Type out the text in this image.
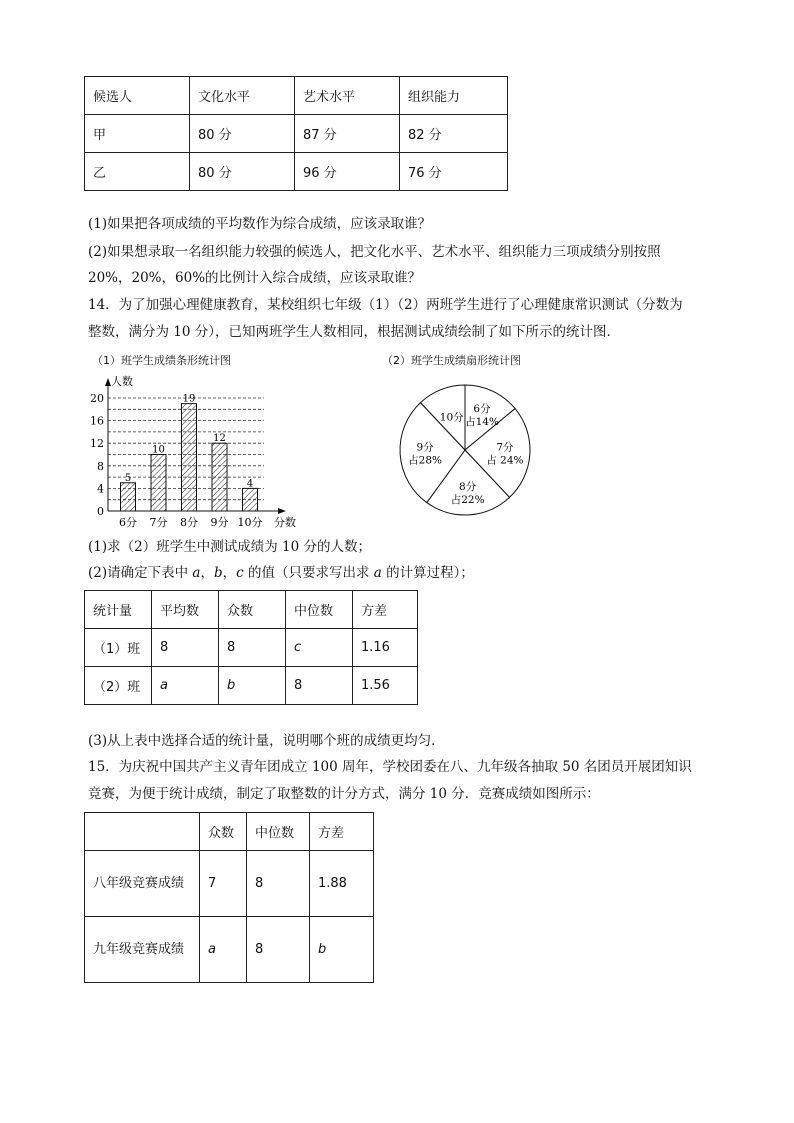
候选人	文化水平	艺术水平	组织能力
甲	80 分	87 分	82 分
乙	80 分	96 分	76 分
(1)如果把各项成绩的平均数作为综合成绩，应该录取谁？
(2)如果想录取一名组织能力较强的候选人，把文化水平、艺术水平、组织能力三项成绩分别按照
20%，20%，60%的比例计入综合成绩，应该录取谁？
14．为了加强心理健康教育，某校组织七年级（1）（2）两班学生进行了心理健康常识测试（分数为
整数，满分为 10 分），已知两班学生人数相同，根据测试成绩绘制了如下所示的统计图．
（1）班学生成绩条形统计图	（2）班学生成绩扇形统计图
0
4
8
12
16
20
人数
分数
5
6分
10
7分
19
8分
12
9分
4
10分
6分
占14%
7分
占 24%
8分
占22%
9分
占28%
10分
(1)求（2）班学生中测试成绩为 10 分的人数；
(2)请确定下表中 a，b，c 的值（只要求写出求 a 的计算过程）；
统计量	平均数	众数	中位数	方差
（1）班	8	8	c	1.16
（2）班	a	b	8	1.56
(3)从上表中选择合适的统计量，说明哪个班的成绩更均匀．
15．为庆祝中国共产主义青年团成立 100 周年，学校团委在八、九年级各抽取 50 名团员开展团知识
竞赛，为便于统计成绩，制定了取整数的计分方式，满分 10 分．竞赛成绩如图所示：
	众数	中位数	方差
八年级竞赛成绩	7	8	1.88
九年级竞赛成绩	a	8	b
